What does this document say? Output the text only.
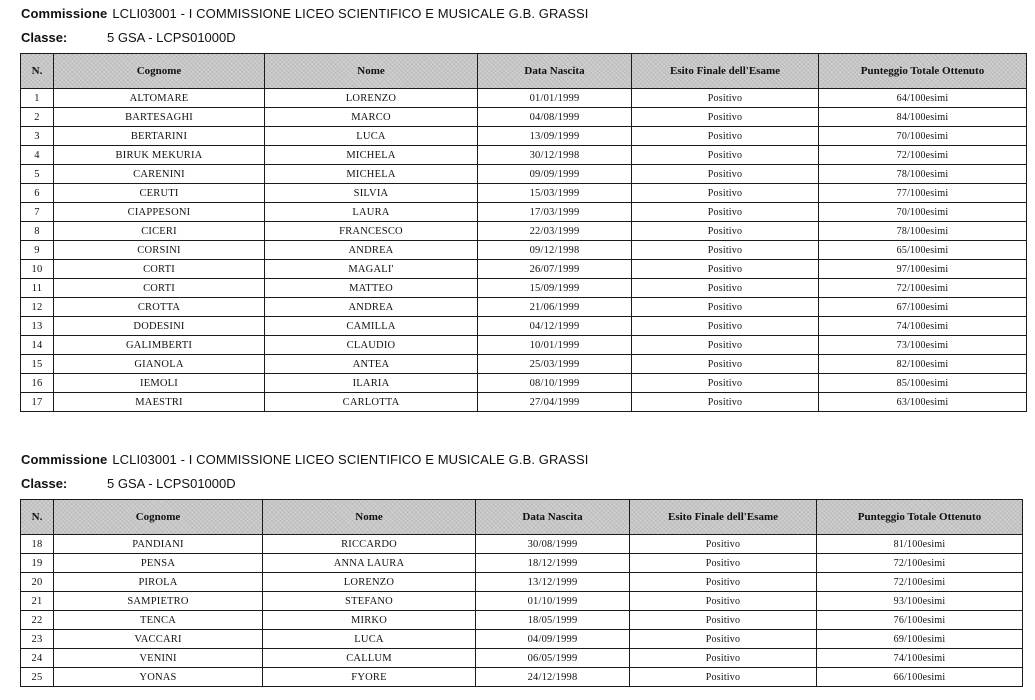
Commissione LCLI03001 - I COMMISSIONE LICEO SCIENTIFICO E MUSICALE G.B. GRASSI
Classe:	5 GSA - LCPS01000D
N.	Cognome	Nome	Data Nascita	Esito Finale dell'Esame	Punteggio Totale Ottenuto
1	ALTOMARE	LORENZO	01/01/1999	Positivo	64/100esimi
2	BARTESAGHI	MARCO	04/08/1999	Positivo	84/100esimi
3	BERTARINI	LUCA	13/09/1999	Positivo	70/100esimi
4	BIRUK MEKURIA	MICHELA	30/12/1998	Positivo	72/100esimi
5	CARENINI	MICHELA	09/09/1999	Positivo	78/100esimi
6	CERUTI	SILVIA	15/03/1999	Positivo	77/100esimi
7	CIAPPESONI	LAURA	17/03/1999	Positivo	70/100esimi
8	CICERI	FRANCESCO	22/03/1999	Positivo	78/100esimi
9	CORSINI	ANDREA	09/12/1998	Positivo	65/100esimi
10	CORTI	MAGALI'	26/07/1999	Positivo	97/100esimi
11	CORTI	MATTEO	15/09/1999	Positivo	72/100esimi
12	CROTTA	ANDREA	21/06/1999	Positivo	67/100esimi
13	DODESINI	CAMILLA	04/12/1999	Positivo	74/100esimi
14	GALIMBERTI	CLAUDIO	10/01/1999	Positivo	73/100esimi
15	GIANOLA	ANTEA	25/03/1999	Positivo	82/100esimi
16	IEMOLI	ILARIA	08/10/1999	Positivo	85/100esimi
17	MAESTRI	CARLOTTA	27/04/1999	Positivo	63/100esimi
Commissione LCLI03001 - I COMMISSIONE LICEO SCIENTIFICO E MUSICALE G.B. GRASSI
Classe:	5 GSA - LCPS01000D
N.	Cognome	Nome	Data Nascita	Esito Finale dell'Esame	Punteggio Totale Ottenuto
18	PANDIANI	RICCARDO	30/08/1999	Positivo	81/100esimi
19	PENSA	ANNA LAURA	18/12/1999	Positivo	72/100esimi
20	PIROLA	LORENZO	13/12/1999	Positivo	72/100esimi
21	SAMPIETRO	STEFANO	01/10/1999	Positivo	93/100esimi
22	TENCA	MIRKO	18/05/1999	Positivo	76/100esimi
23	VACCARI	LUCA	04/09/1999	Positivo	69/100esimi
24	VENINI	CALLUM	06/05/1999	Positivo	74/100esimi
25	YONAS	FYORE	24/12/1998	Positivo	66/100esimi
